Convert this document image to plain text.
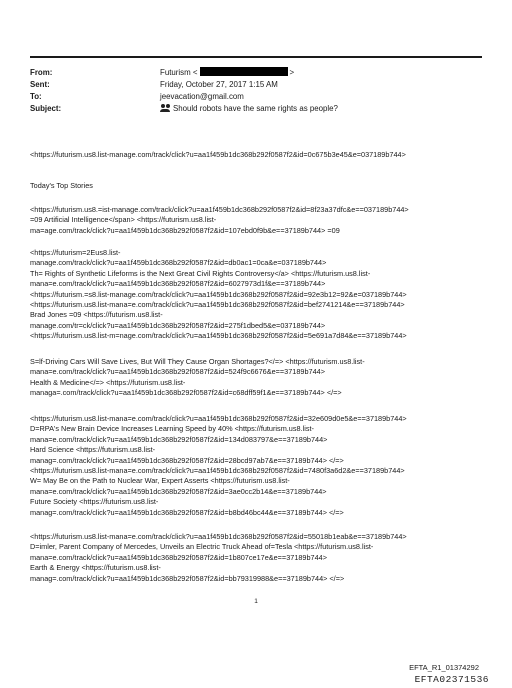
From:	Futurism <	>
Sent:	Friday, October 27, 2017 1:15 AM
To:	jeevacation@gmail.com
Subject:	Should robots have the same rights as people?
<https://futurism.us8.list-manage.com/track/click?u=aa1f459b1dc368b292f0587f2&id=0c675b3e45&e=037189b744>
Today's Top Stories
<https://futurism.us8.=ist-manage.com/track/click?u=aa1f459b1dc368b292f0587f2&id=8f23a37dfc&e==037189b744>
=09 Artificial Intelligence</span> <https://futurism.us8.list-
ma=age.com/track/click?u=aa1f459b1dc368b292f0587f2&id=107ebd0f9b&e==37189b744> =09
<https://futurism=2Eus8.list-
manage.com/track/click?u=aa1f459b1dc368b292f0587f2&id=db0ac1=0ca&e=037189b744>
Th= Rights of Synthetic Lifeforms is the Next Great Civil Rights Controversy</a> <https://futurism.us8.list-
mana=e.com/track/click?u=aa1f459b1dc368b292f0587f2&id=6027973d1f&e==37189b744>
<https://futurism.=s8.list-manage.com/track/click?u=aa1f459b1dc368b292f0587f2&id=92e3b12=92&e=037189b744>
<https://futurism.us8.list-mana=e.com/track/click?u=aa1f459b1dc368b292f0587f2&id=bef2741214&e==37189b744>
Brad Jones =09 <https://futurism.us8.list-
manage.com/tr=ck/click?u=aa1f459b1dc368b292f0587f2&id=275f1dbed5&e=037189b744>
<https://futurism.us8.list-m=nage.com/track/click?u=aa1f459b1dc368b292f0587f2&id=5e691a7d84&e==37189b744>
S=lf-Driving Cars Will Save Lives, But Will They Cause Organ Shortages?</=> <https://futurism.us8.list-
mana=e.com/track/click?u=aa1f459b1dc368b292f0587f2&id=524f9c6676&e==37189b744>
Health & Medicine</=> <https://futurism.us8.list-
managa=.com/track/click?u=aa1f459b1dc368b292f0587f2&id=c68dff59f1&e==37189b744> </=>
<https://futurism.us8.list-mana=e.com/track/click?u=aa1f459b1dc368b292f0587f2&id=32e609d0e5&e==37189b744>
D=RPA's New Brain Device Increases Learning Speed by 40% <https://futurism.us8.list-
mana=e.com/track/click?u=aa1f459b1dc368b292f0587f2&id=134d083797&e==37189b744>
Hard Science <https://futurism.us8.list-
manag=.com/track/click?u=aa1f459b1dc368b292f0587f2&id=28bcd97ab7&e==37189b744> </=>
<https://futurism.us8.list-mana=e.com/track/click?u=aa1f459b1dc368b292f0587f2&id=7480f3a6d2&e==37189b744>
W= May Be on the Path to Nuclear War, Expert Asserts <https://futurism.us8.list-
mana=e.com/track/click?u=aa1f459b1dc368b292f0587f2&id=3ae0cc2b14&e==37189b744>
Future Society <https://futurism.us8.list-
manag=.com/track/click?u=aa1f459b1dc368b292f0587f2&id=b8bd46bc44&e==37189b744> </=>
<https://futurism.us8.list-mana=e.com/track/click?u=aa1f459b1dc368b292f0587f2&id=55018b1eab&e==37189b744>
D=imler, Parent Company of Mercedes, Unveils an Electric Truck Ahead of=Tesla <https://futurism.us8.list-
mana=e.com/track/click?u=aa1f459b1dc368b292f0587f2&id=1b807ce17e&e==37189b744>
Earth & Energy <https://futurism.us8.list-
manag=.com/track/click?u=aa1f459b1dc368b292f0587f2&id=bb79319988&e==37189b744> </=>
1
EFTA_R1_01374292
EFTA02371536
